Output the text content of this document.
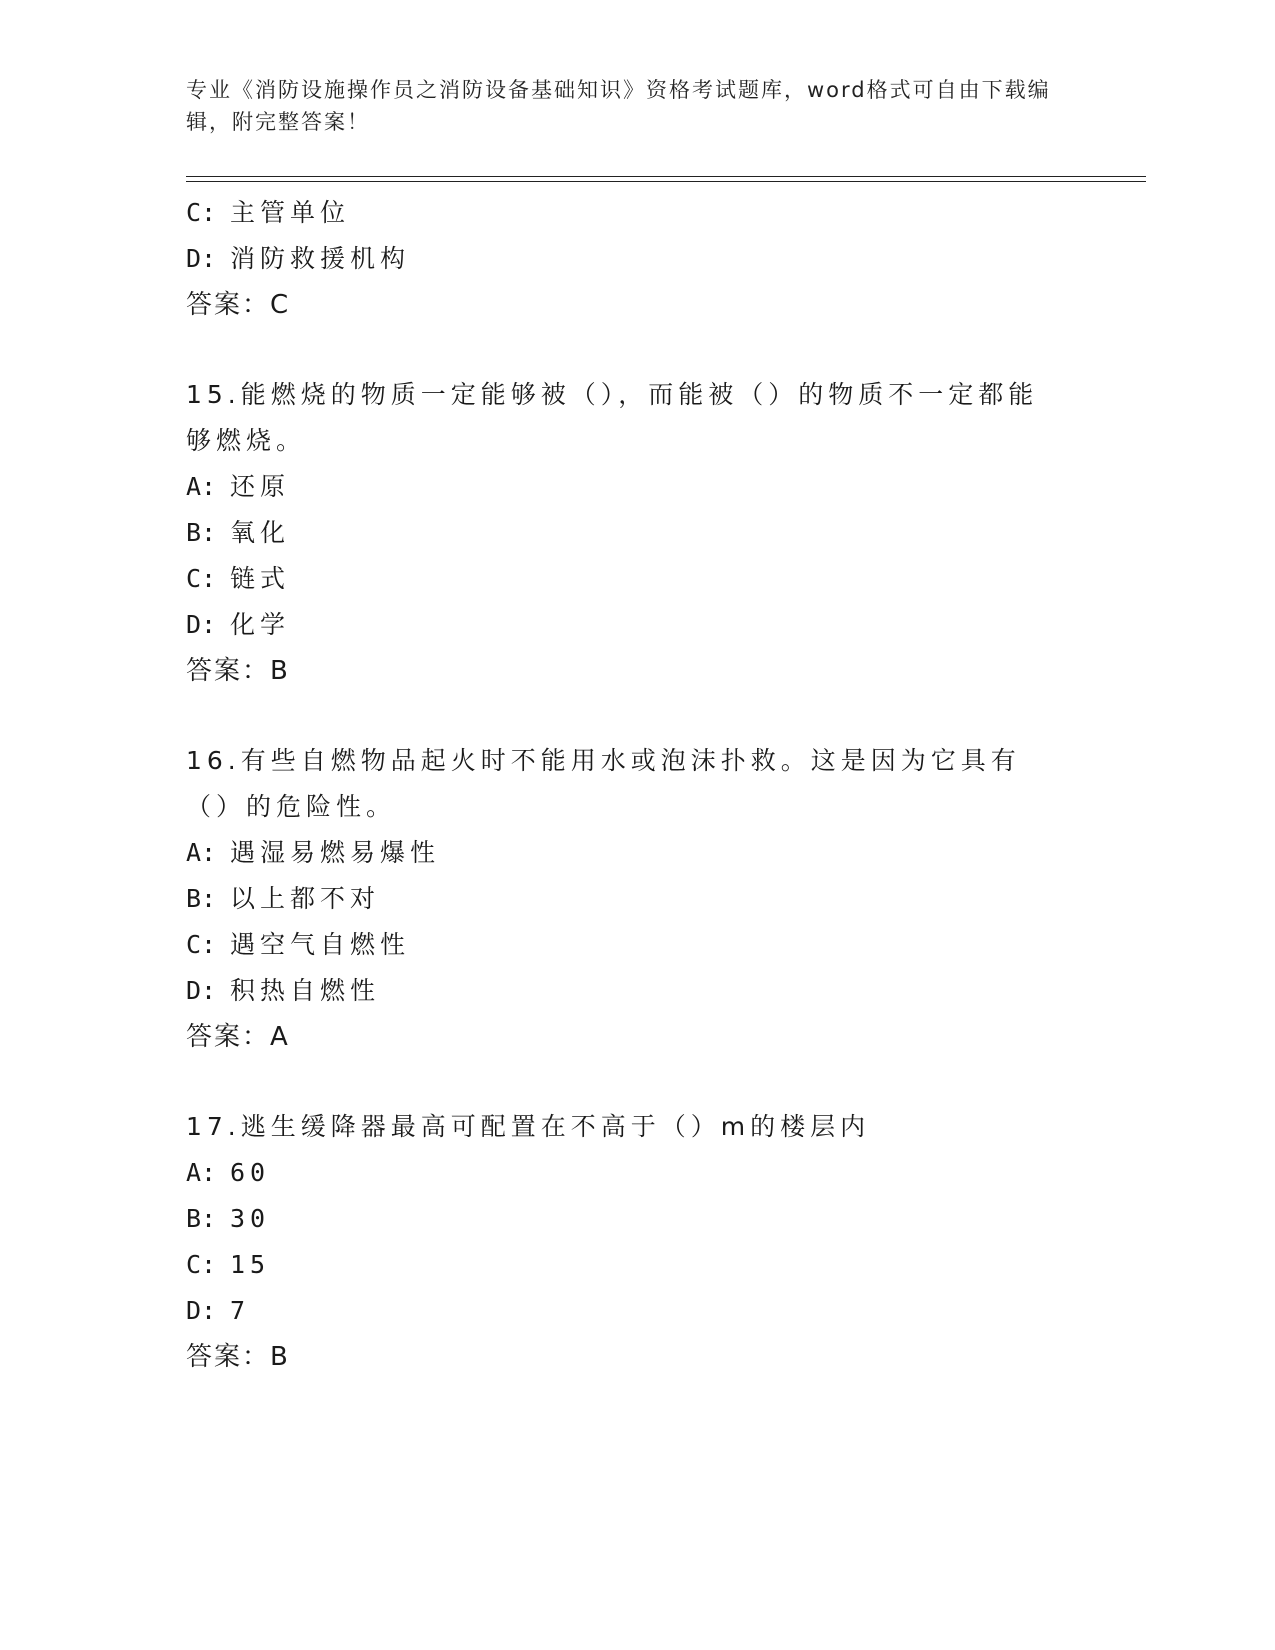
专业《消防设施操作员之消防设备基础知识》资格考试题库，word格式可自由下载编辑，附完整答案！
C: 主管单位
D: 消防救援机构
答案：C
15.能燃烧的物质一定能够被（），而能被（）的物质不一定都能够燃烧。
A: 还原
B: 氧化
C: 链式
D: 化学
答案：B
16.有些自燃物品起火时不能用水或泡沫扑救。这是因为它具有（）的危险性。
A: 遇湿易燃易爆性
B: 以上都不对
C: 遇空气自燃性
D: 积热自燃性
答案：A
17.逃生缓降器最高可配置在不高于（）m的楼层内
A: 60
B: 30
C: 15
D: 7
答案：B
